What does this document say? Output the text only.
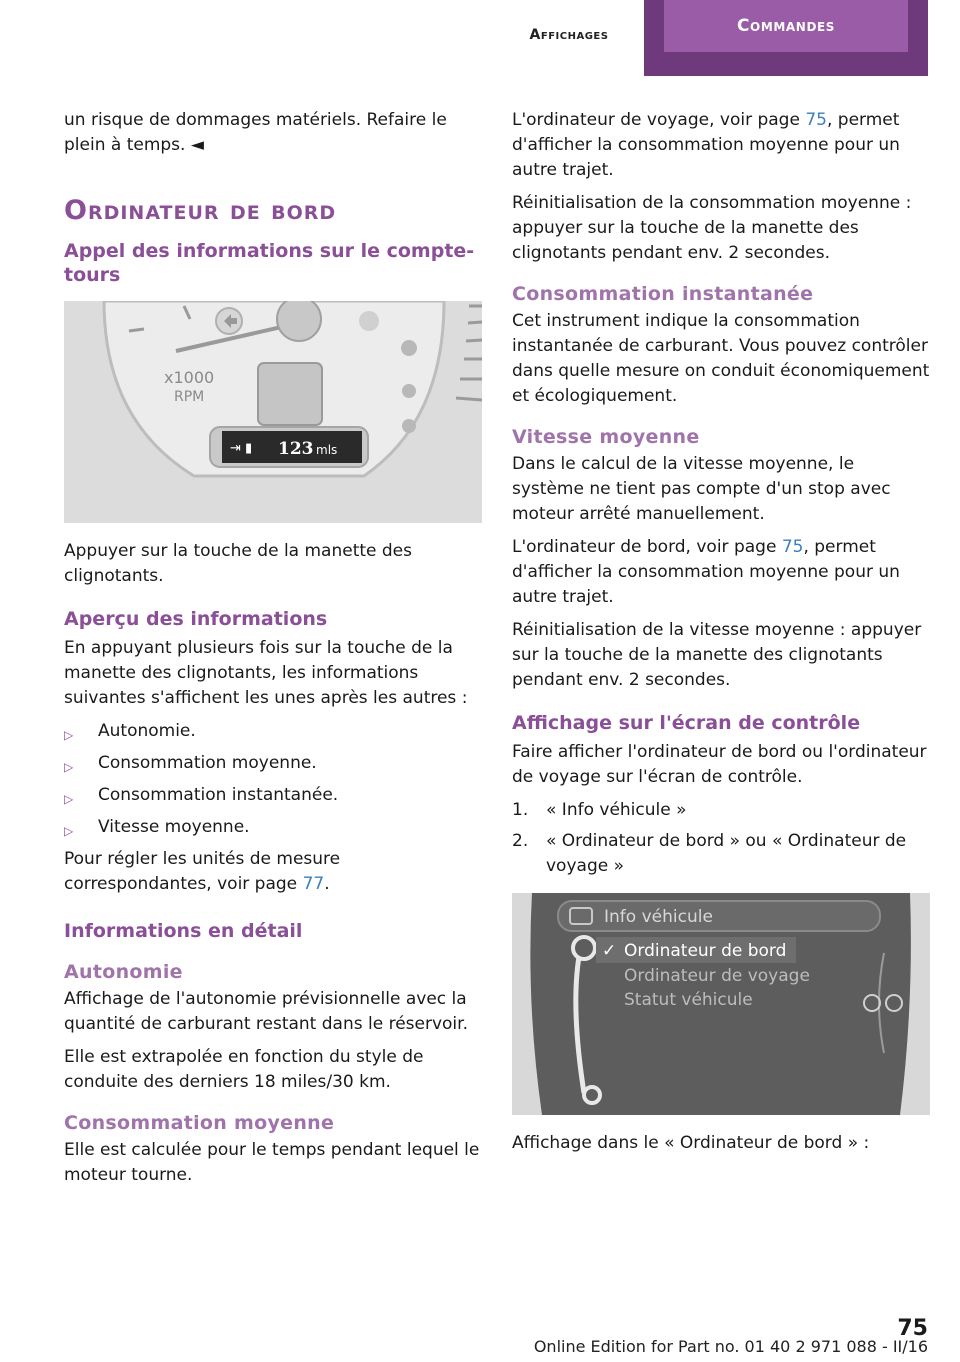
Affichages	Commandes

un risque de dommages matériels. Refaire le plein à temps. ◄

Ordinateur de bord
Appel des informations sur le compte-tours
x1000
RPM
⇥ ▮ 123 mls

Appuyer sur la touche de la manette des clignotants.

Aperçu des informations

En appuyant plusieurs fois sur la touche de la manette des clignotants, les informations suivantes s'affichent les unes après les autres :

▷ Autonomie.
▷ Consommation moyenne.
▷ Consommation instantanée.
▷ Vitesse moyenne.

Pour régler les unités de mesure correspondantes, voir page 77.

Informations en détail
Autonomie

Affichage de l'autonomie prévisionnelle avec la quantité de carburant restant dans le réservoir.

Elle est extrapolée en fonction du style de conduite des derniers 18 miles/30 km.

Consommation moyenne

Elle est calculée pour le temps pendant lequel le moteur tourne.

L'ordinateur de voyage, voir page 75, permet d'afficher la consommation moyenne pour un autre trajet.

Réinitialisation de la consommation moyenne : appuyer sur la touche de la manette des clignotants pendant env. 2 secondes.

Consommation instantanée

Cet instrument indique la consommation instantanée de carburant. Vous pouvez contrôler dans quelle mesure on conduit économiquement et écologiquement.

Vitesse moyenne

Dans le calcul de la vitesse moyenne, le système ne tient pas compte d'un stop avec moteur arrêté manuellement.

L'ordinateur de bord, voir page 75, permet d'afficher la consommation moyenne pour un autre trajet.

Réinitialisation de la vitesse moyenne : appuyer sur la touche de la manette des clignotants pendant env. 2 secondes.

Affichage sur l'écran de contrôle

Faire afficher l'ordinateur de bord ou l'ordinateur de voyage sur l'écran de contrôle.

1. « Info véhicule »
2. « Ordinateur de bord » ou « Ordinateur de voyage »
Info véhicule
✓ Ordinateur de bord
Ordinateur de voyage
Statut véhicule

Affichage dans le « Ordinateur de bord » :

75
Online Edition for Part no. 01 40 2 971 088 - II/16
